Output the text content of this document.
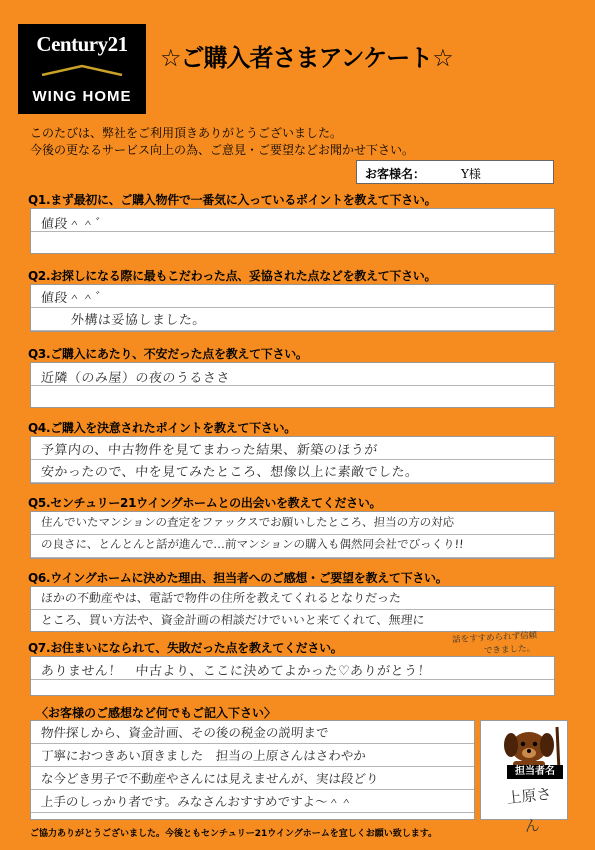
Century21
WING HOME
☆ご購入者さまアンケート☆
このたびは、弊社をご利用頂きありがとうございました。
今後の更なるサービス向上の為、ご意見・ご要望などお聞かせ下さい。
お客様名：	Y様
Q1.まず最初に、ご購入物件で一番気に入っているポイントを教えて下さい。
値段＾＾゛
Q2.お探しになる際に最もこだわった点、妥協された点などを教えて下さい。
値段＾＾゛
外構は妥協しました。
Q3.ご購入にあたり、不安だった点を教えて下さい。
近隣（のみ屋）の夜のうるささ
Q4.ご購入を決意されたポイントを教えて下さい。
予算内の、中古物件を見てまわった結果、新築のほうが
安かったので、中を見てみたところ、想像以上に素敵でした。
Q5.センチュリー21ウイングホームとの出会いを教えてください。
住んでいたマンションの査定をファックスでお願いしたところ、担当の方の対応
の良さに、とんとんと話が進んで…前マンションの購入も偶然同会社でびっくり!!
Q6.ウイングホームに決めた理由、担当者へのご感想・ご要望を教えて下さい。
ほかの不動産やは、電話で物件の住所を教えてくれるとなりだった
ところ、買い方法や、資金計画の相談だけでいいと来てくれて、無理に
Q7.お住まいになられて、失敗だった点を教えてください。
話をすすめられず信頼
できました。
ありません！　中古より、ここに決めてよかった♡ありがとう！
〈お客様のご感想など何でもご記入下さい〉
物件探しから、資金計画、その後の税金の説明まで
丁寧におつきあい頂きました　担当の上原さんはさわやか
な今どき男子で不動産やさんには見えませんが、実は段どり
上手のしっかり者です。みなさんおすすめですよ〜＾＾
担当者名
上原さん
ご協力ありがとうございました。今後ともセンチュリー21ウイングホームを宜しくお願い致します。
